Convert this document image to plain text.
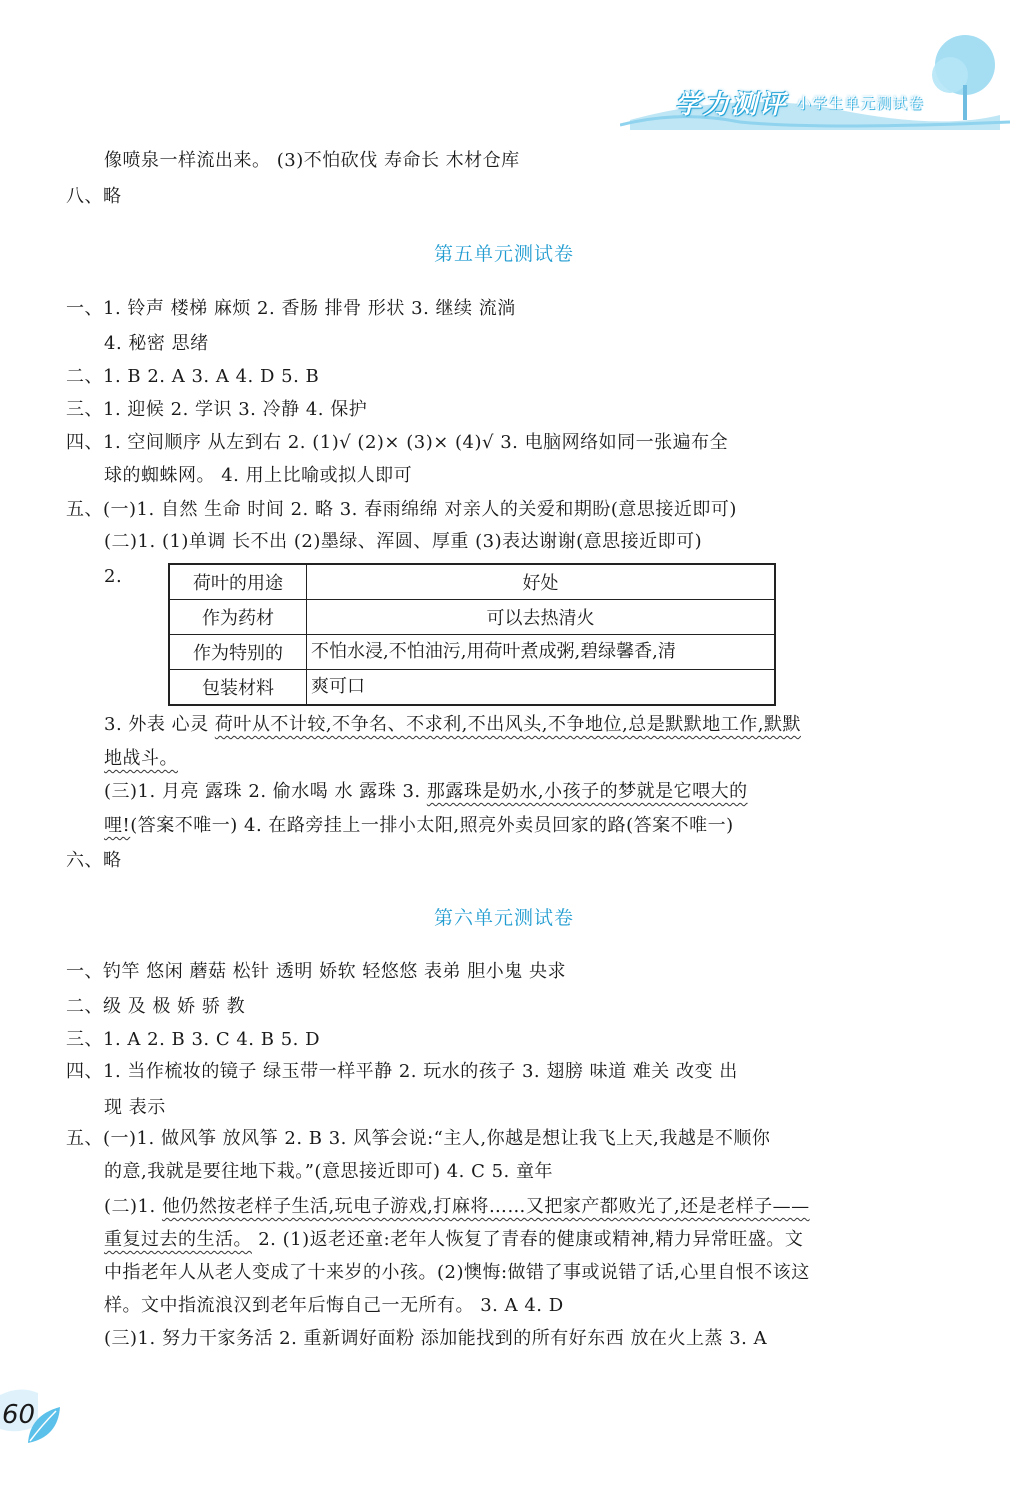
学力测评 小学生单元测试卷
像喷泉一样流出来。 (3)不怕砍伐 寿命长 木材仓库
八、略
第五单元测试卷
一、1. 铃声 楼梯 麻烦 2. 香肠 排骨 形状 3. 继续 流淌
4. 秘密 思绪
二、1. B 2. A 3. A 4. D 5. B
三、1. 迎候 2. 学识 3. 冷静 4. 保护
四、1. 空间顺序 从左到右 2. (1)√ (2)× (3)× (4)√ 3. 电脑网络如同一张遍布全
球的蜘蛛网。 4. 用上比喻或拟人即可
五、(一)1. 自然 生命 时间 2. 略 3. 春雨绵绵 对亲人的关爱和期盼(意思接近即可)
(二)1. (1)单调 长不出 (2)墨绿、浑圆、厚重 (3)表达谢谢(意思接近即可)
2.	荷叶的用途	好处
作为药材	可以去热清火
作为特别的	不怕水浸,不怕油污,用荷叶煮成粥,碧绿馨香,清
包装材料	爽可口
3. 外表 心灵 荷叶从不计较,不争名、不求利,不出风头,不争地位,总是默默地工作,默默
地战斗。
(三)1. 月亮 露珠 2. 偷水喝 水 露珠 3. 那露珠是奶水,小孩子的梦就是它喂大的
哩!(答案不唯一) 4. 在路旁挂上一排小太阳,照亮外卖员回家的路(答案不唯一)
六、略
第六单元测试卷
一、钓竿 悠闲 蘑菇 松针 透明 娇软 轻悠悠 表弟 胆小鬼 央求
二、级 及 极 娇 骄 教
三、1. A 2. B 3. C 4. B 5. D
四、1. 当作梳妆的镜子 绿玉带一样平静 2. 玩水的孩子 3. 翅膀 味道 难关 改变 出
现 表示
五、(一)1. 做风筝 放风筝 2. B 3. 风筝会说:“主人,你越是想让我飞上天,我越是不顺你
的意,我就是要往地下栽。”(意思接近即可) 4. C 5. 童年
(二)1. 他仍然按老样子生活,玩电子游戏,打麻将……又把家产都败光了,还是老样子——
重复过去的生活。 2. (1)返老还童:老年人恢复了青春的健康或精神,精力异常旺盛。文
中指老年人从老人变成了十来岁的小孩。(2)懊悔:做错了事或说错了话,心里自恨不该这
样。文中指流浪汉到老年后悔自己一无所有。 3. A 4. D
(三)1. 努力干家务活 2. 重新调好面粉 添加能找到的所有好东西 放在火上蒸 3. A
60
